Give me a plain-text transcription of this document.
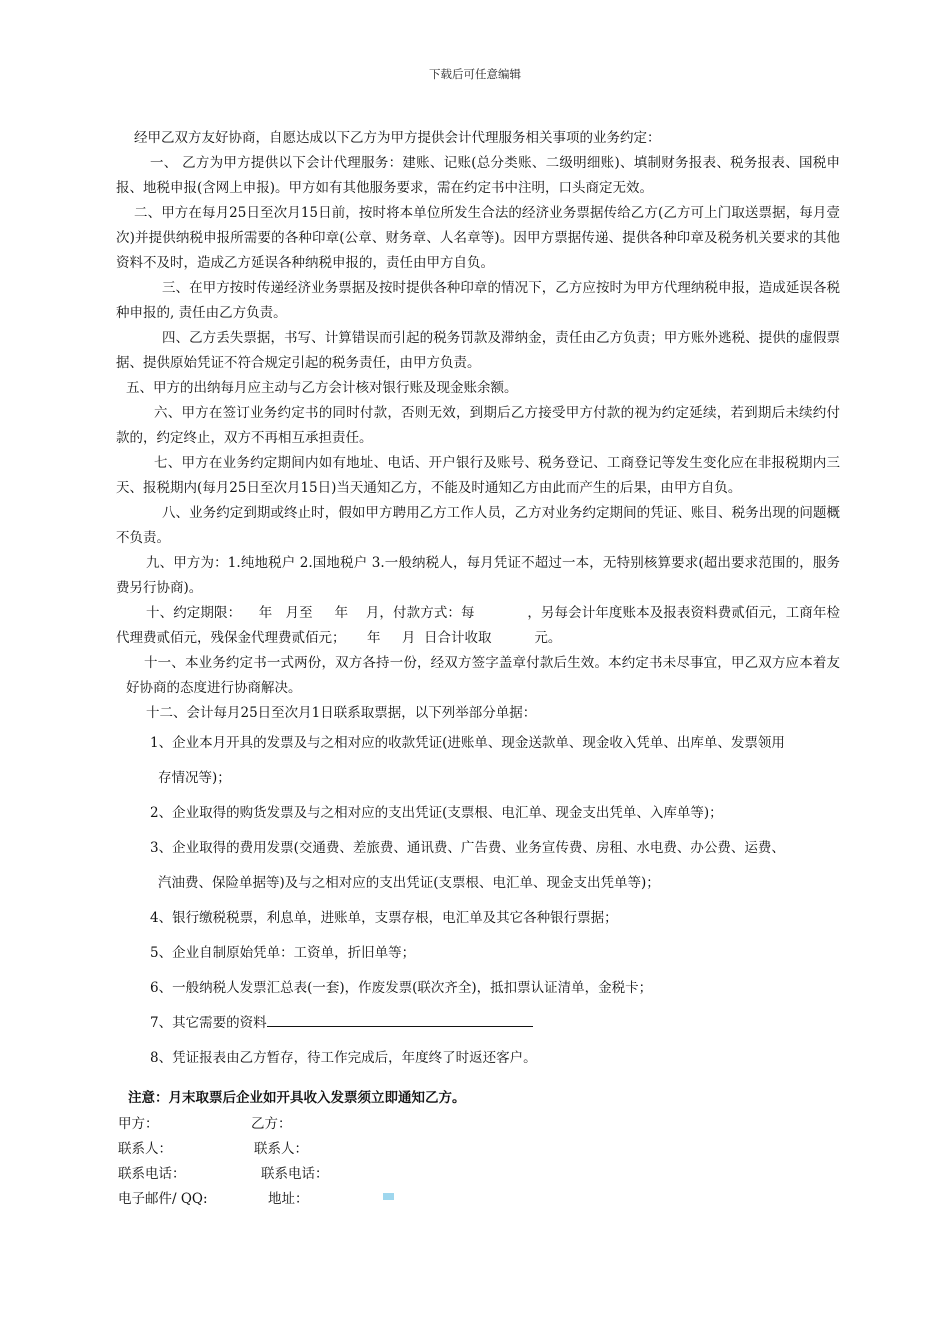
下载后可任意编辑

经甲乙双方友好协商，自愿达成以下乙方为甲方提供会计代理服务相关事项的业务约定：

一、 乙方为甲方提供以下会计代理服务：建账、记账(总分类账、二级明细账)、填制财务报表、税务报表、国税申报、地税申报(含网上申报)。甲方如有其他服务要求，需在约定书中注明，口头商定无效。

二、甲方在每月25日至次月15日前，按时将本单位所发生合法的经济业务票据传给乙方(乙方可上门取送票据，每月壹次)并提供纳税申报所需要的各种印章(公章、财务章、人名章等)。因甲方票据传递、提供各种印章及税务机关要求的其他资料不及时，造成乙方延误各种纳税申报的，责任由甲方自负。

三、在甲方按时传递经济业务票据及按时提供各种印章的情况下，乙方应按时为甲方代理纳税申报，造成延误各税种申报的, 责任由乙方负责。

四、乙方丢失票据，书写、计算错误而引起的税务罚款及滞纳金，责任由乙方负责；甲方账外逃税、提供的虚假票据、提供原始凭证不符合规定引起的税务责任，由甲方负责。

五、甲方的出纳每月应主动与乙方会计核对银行账及现金账余额。

六、甲方在签订业务约定书的同时付款，否则无效，到期后乙方接受甲方付款的视为约定延续，若到期后未续约付款的，约定终止，双方不再相互承担责任。

七、甲方在业务约定期间内如有地址、电话、开户银行及账号、税务登记、工商登记等发生变化应在非报税期内三天、报税期内(每月25日至次月15日)当天通知乙方，不能及时通知乙方由此而产生的后果，由甲方自负。

八、业务约定到期或终止时，假如甲方聘用乙方工作人员，乙方对业务约定期间的凭证、账目、税务出现的问题概不负责。

九、甲方为：1.纯地税户 2.国地税户 3.一般纳税人，每月凭证不超过一本，无特别核算要求(超出要求范围的，服务费另行协商)。

十、约定期限：    年   月至     年    月，付款方式：每            ，另每会计年度账本及报表资料费贰佰元，工商年检代理费贰佰元，残保金代理费贰佰元；     年     月  日合计收取          元。

十一、本业务约定书一式两份，双方各持一份，经双方签字盖章付款后生效。本约定书未尽事宜，甲乙双方应本着友好协商的态度进行协商解决。

十二、会计每月25日至次月1日联系取票据，以下列举部分单据：

1、企业本月开具的发票及与之相对应的收款凭证(进账单、现金送款单、现金收入凭单、出库单、发票领用
存情况等)；
2、企业取得的购货发票及与之相对应的支出凭证(支票根、电汇单、现金支出凭单、入库单等)；
3、企业取得的费用发票(交通费、差旅费、通讯费、广告费、业务宣传费、房租、水电费、办公费、运费、
汽油费、保险单据等)及与之相对应的支出凭证(支票根、电汇单、现金支出凭单等)；
4、银行缴税税票，利息单，进账单，支票存根，电汇单及其它各种银行票据；
5、企业自制原始凭单：工资单，折旧单等；
6、一般纳税人发票汇总表(一套)，作废发票(联次齐全)，抵扣票认证清单，金税卡；
7、其它需要的资料
8、凭证报表由乙方暂存，待工作完成后，年度终了时返还客户。
注意：月末取票后企业如开具收入发票须立即通知乙方。
甲方：	乙方：
联系人：	联系人：
联系电话：	联系电话：
电子邮件/ QQ:	地址：
